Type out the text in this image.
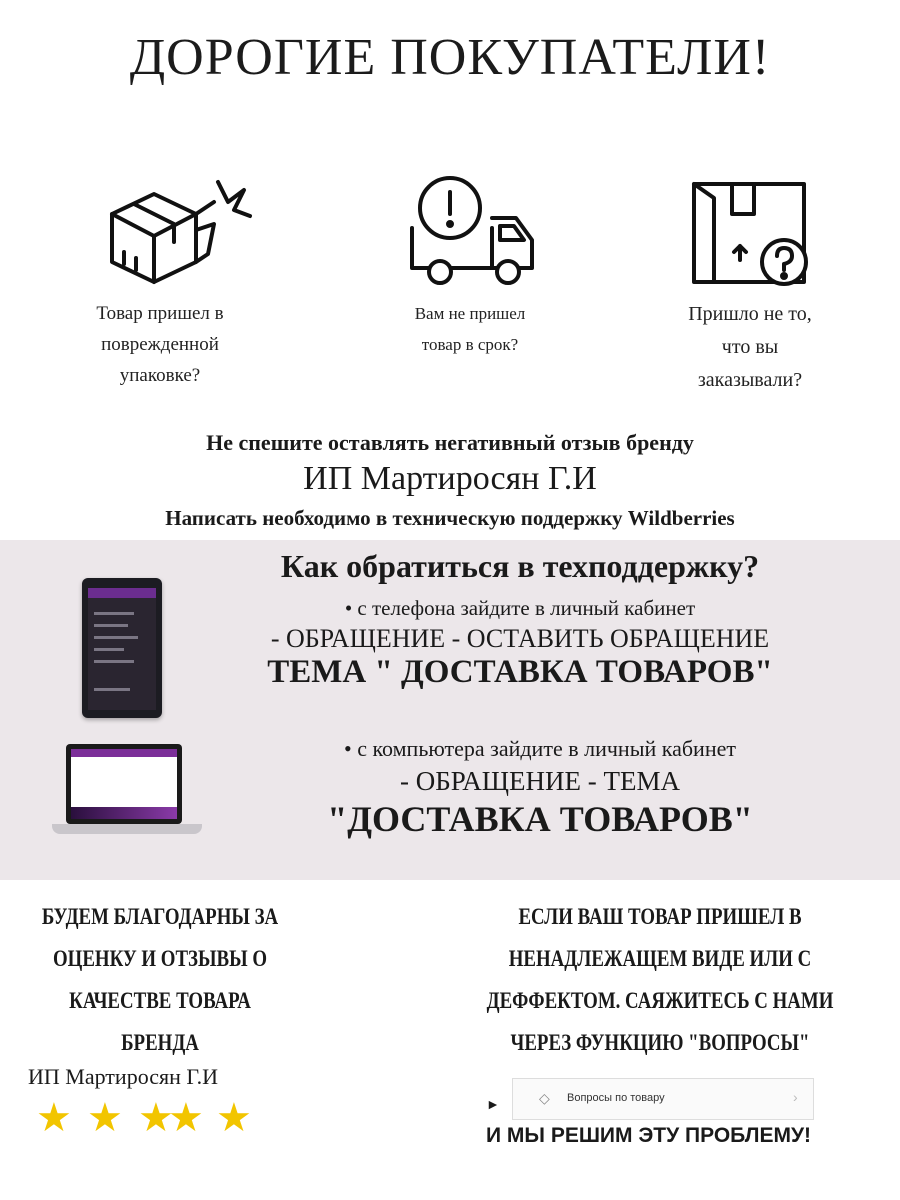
ДОРОГИЕ ПОКУПАТЕЛИ!
Товар пришел в
поврежденной
упаковке?
Вам не пришел
товар в срок?
Пришло не то,
что вы
заказывали?
Не спешите оставлять негативный отзыв бренду
ИП Мартиросян Г.И
Написать необходимо в техническую поддержку Wildberries
Как обратиться в техподдержку?
• с телефона зайдите в личный кабинет
- ОБРАЩЕНИЕ - ОСТАВИТЬ ОБРАЩЕНИЕ
ТЕМА " ДОСТАВКА ТОВАРОВ"
• с компьютера зайдите в личный кабинет
- ОБРАЩЕНИЕ - ТЕМА
"ДОСТАВКА ТОВАРОВ"
БУДЕМ БЛАГОДАРНЫ ЗА
ОЦЕНКУ И ОТЗЫВЫ О
КАЧЕСТВЕ ТОВАРА
БРЕНДА
ИП Мартиросян Г.И
★ ★ ★
★ ★
ЕСЛИ ВАШ ТОВАР ПРИШЕЛ В
НЕНАДЛЕЖАЩЕМ ВИДЕ ИЛИ С
ДЕФФЕКТОМ. САЯЖИТЕСЬ С НАМИ
ЧЕРЕЗ ФУНКЦИЮ "ВОПРОСЫ"
►	◇ Вопросы по товару	›
И МЫ РЕШИМ ЭТУ ПРОБЛЕМУ!
